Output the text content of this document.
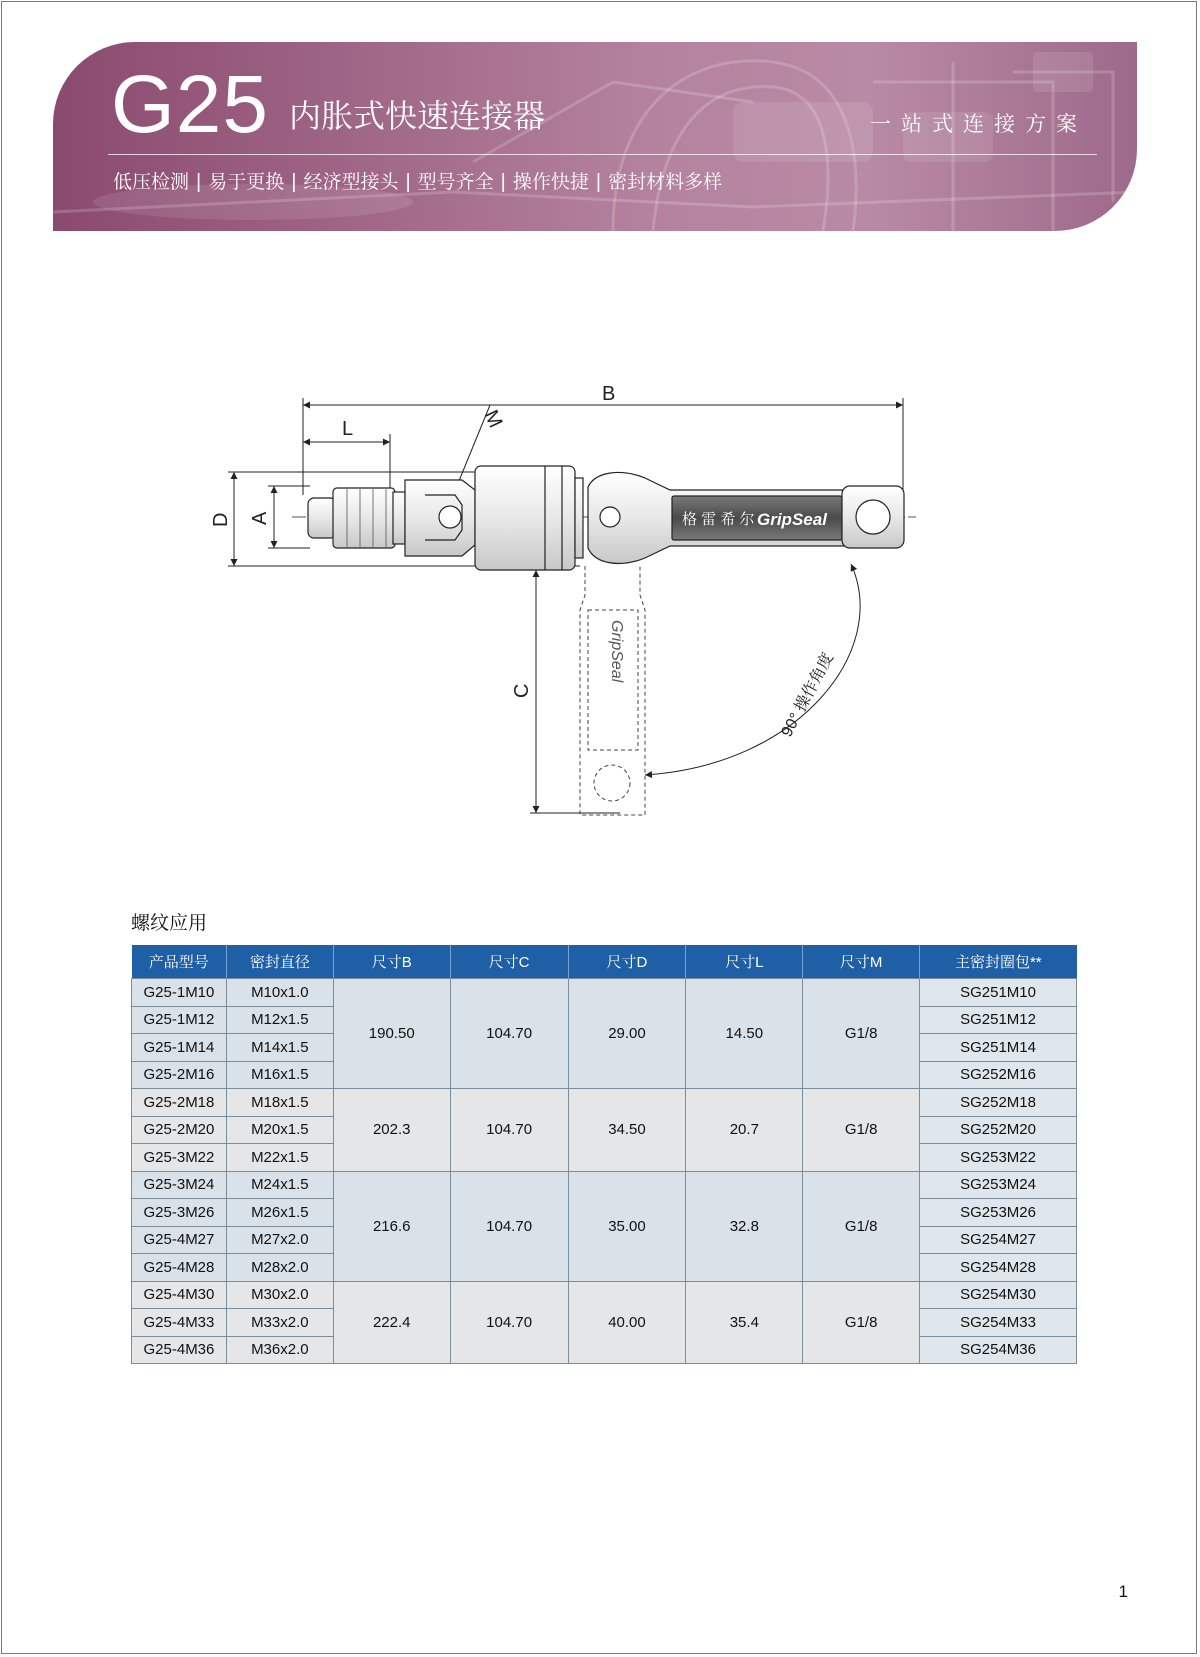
G25 内胀式快速连接器	一站式连接方案
低压检测 | 易于更换 | 经济型接头 | 型号齐全 | 操作快捷 | 密封材料多样
格 雷 希 尔 GripSeal
GripSeal
B
L	M
D A
C	90° 操作角度
螺纹应用
产品型号	密封直径	尺寸B	尺寸C	尺寸D	尺寸L	尺寸M	主密封圈包**
G25-1M10	M10x1.0	190.50	104.70	29.00	14.50	G1/8	SG251M10
G25-1M12	M12x1.5						SG251M12
G25-1M14	M14x1.5						SG251M14
G25-2M16	M16x1.5						SG252M16
G25-2M18	M18x1.5	202.3	104.70	34.50	20.7	G1/8	SG252M18
G25-2M20	M20x1.5						SG252M20
G25-3M22	M22x1.5						SG253M22
G25-3M24	M24x1.5	216.6	104.70	35.00	32.8	G1/8	SG253M24
G25-3M26	M26x1.5						SG253M26
G25-4M27	M27x2.0						SG254M27
G25-4M28	M28x2.0						SG254M28
G25-4M30	M30x2.0	222.4	104.70	40.00	35.4	G1/8	SG254M30
G25-4M33	M33x2.0						SG254M33
G25-4M36	M36x2.0						SG254M36
1
